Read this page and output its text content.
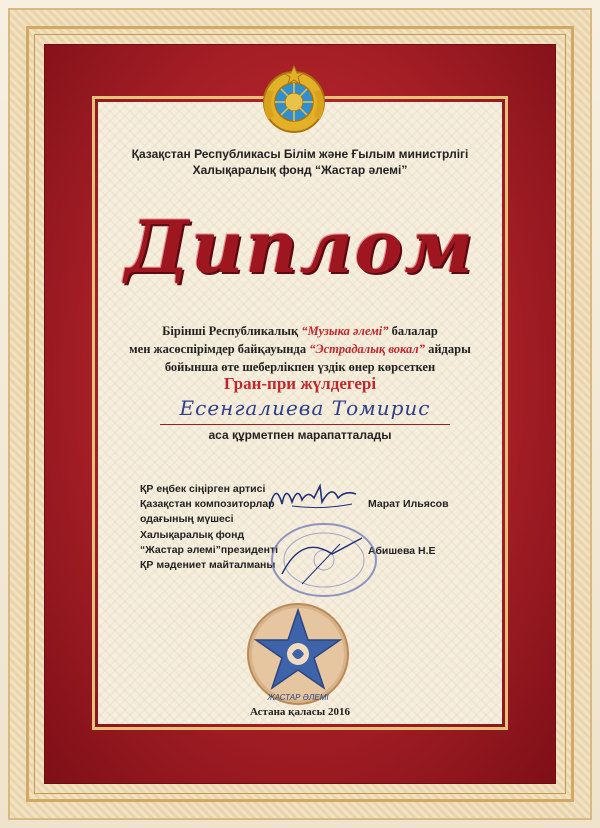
Қазақстан Республикасы Білім және Ғылым министрлігі
Халықаралық фонд “Жастар әлемі”
Диплом
Бірінші Республикалық “Музыка әлемі” балалар
мен жасөспірімдер байқауында “Эстрадалық вокал” айдары
бойынша өте шеберлікпен үздік өнер көрсеткен
Гран-при жүлдегері
Есенгалиева Томирис
аса құрметпен марапатталады
ҚР еңбек сіңірген артисі
Қазақстан композиторлар
одағының мүшесі
Марат Ильясов
Халықаралық фонд
“Жастар әлемі”президенті
ҚР мәдениет майталманы
Абишева Н.Е
ЖАСТАР ӘЛЕМІ
Астана қаласы 2016
